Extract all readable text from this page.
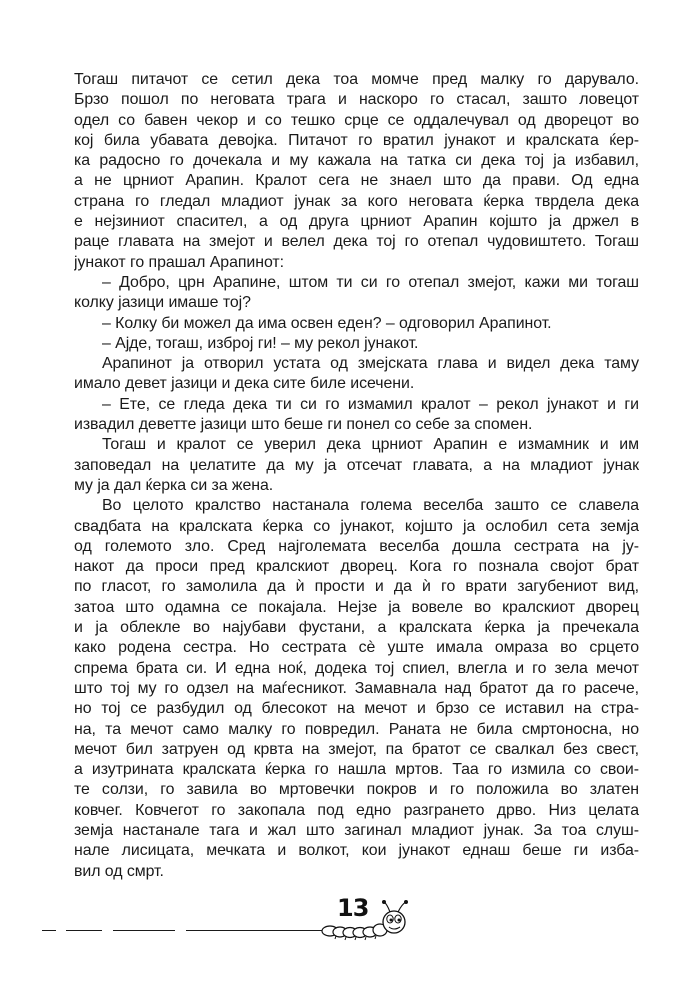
Тогаш питачот се сетил дека тоа момче пред малку го дарувало.
Брзо пошол по неговата трага и наскоро го стасал, зашто ловецот
одел со бавен чекор и со тешко срце се оддалечувал од дворецот во
кој била убавата девојка. Питачот го вратил јунакот и кралската ќер-
ка радосно го дочекала и му кажала на татка си дека тој ја избавил,
а не црниот Арапин. Кралот сега не знаел што да прави. Од една
страна го гледал младиот јунак за кого неговата ќерка тврдела дека
е нејзиниот спасител, а од друга црниот Арапин којшто ја држел в
раце главата на змејот и велел дека тој го отепал чудовиштето. Тогаш
јунакот го прашал Арапинот:
– Добро, црн Арапине, штом ти си го отепал змејот, кажи ми тогаш
колку јазици имаше тој?
– Колку би можел да има освен еден? – одговорил Арапинот.
– Ајде, тогаш, изброј ги! – му рекол јунакот.
Арапинот ја отворил устата од змејската глава и видел дека таму
имало девет јазици и дека сите биле исечени.
– Ете, се гледа дека ти си го измамил кралот – рекол јунакот и ги
извадил деветте јазици што беше ги понел со себе за спомен.
Тогаш и кралот се уверил дека црниот Арапин е измамник и им
заповедал на џелатите да му ја отсечат главата, а на младиот јунак
му ја дал ќерка си за жена.
Во целото кралство настанала голема веселба зашто се славела
свадбата на кралската ќерка со јунакот, којшто ја ослобил сета земја
од големото зло. Сред најголемата веселба дошла сестрата на ју-
накот да проси пред кралскиот дворец. Кога го познала својот брат
по гласот, го замолила да ѝ прости и да ѝ го врати загубениот вид,
затоа што одамна се покајала. Нејзе ја вовеле во кралскиот дворец
и ја облекле во најубави фустани, а кралската ќерка ја пречекала
како родена сестра. Но сестрата сè уште имала омраза во срцето
спрема брата си. И една ноќ, додека тој спиел, влегла и го зела мечот
што тој му го одзел на маѓесникот. Замавнала над братот да го расече,
но тој се разбудил од блесокот на мечот и брзо се иставил на стра-
на, та мечот само малку го повредил. Раната не била смртоносна, но
мечот бил затруен од крвта на змејот, па братот се свалкал без свест,
а изутрината кралската ќерка го нашла мртов. Таа го измила со свои-
те солзи, го завила во мртовечки покров и го положила во златен
ковчег. Ковчегот го закопала под едно разгрането дрво. Низ целата
земја настанале тага и жал што загинал младиот јунак. За тоа слуш-
нале лисицата, мечката и волкот, кои јунакот еднаш беше ги изба-
вил од смрт.
13
